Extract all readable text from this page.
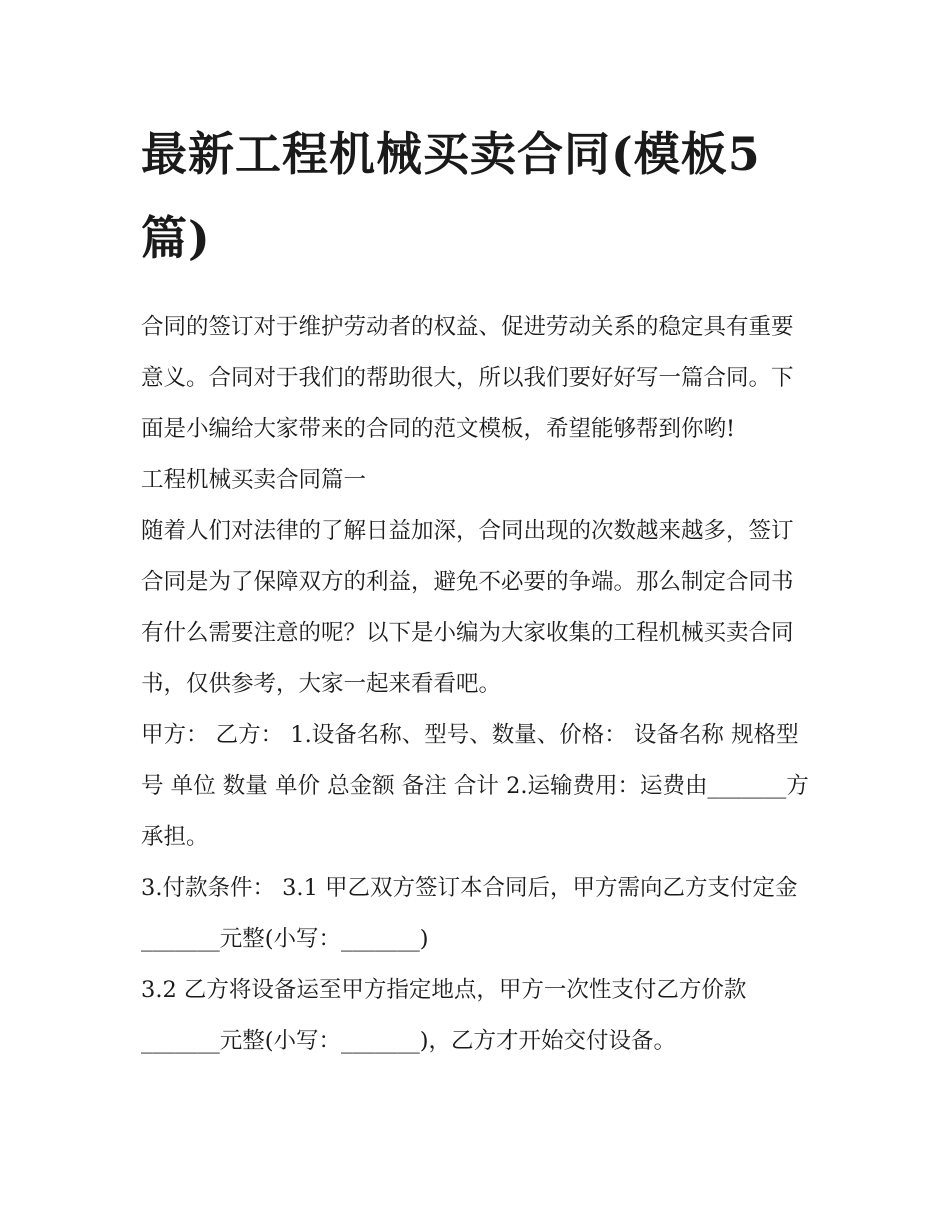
最新工程机械买卖合同(模板5篇)

合同的签订对于维护劳动者的权益、促进劳动关系的稳定具有重要意义。合同对于我们的帮助很大，所以我们要好好写一篇合同。下面是小编给大家带来的合同的范文模板，希望能够帮到你哟!

工程机械买卖合同篇一

随着人们对法律的了解日益加深，合同出现的次数越来越多，签订合同是为了保障双方的利益，避免不必要的争端。那么制定合同书有什么需要注意的呢？以下是小编为大家收集的工程机械买卖合同书，仅供参考，大家一起来看看吧。

甲方： 乙方： 1.设备名称、型号、数量、价格： 设备名称 规格型号 单位 数量 单价 总金额 备注 合计 2.运输费用：运费由_______方承担。

3.付款条件： 3.1 甲乙双方签订本合同后，甲方需向乙方支付定金_______元整(小写：_______)

3.2 乙方将设备运至甲方指定地点，甲方一次性支付乙方价款_______元整(小写：_______)，乙方才开始交付设备。
